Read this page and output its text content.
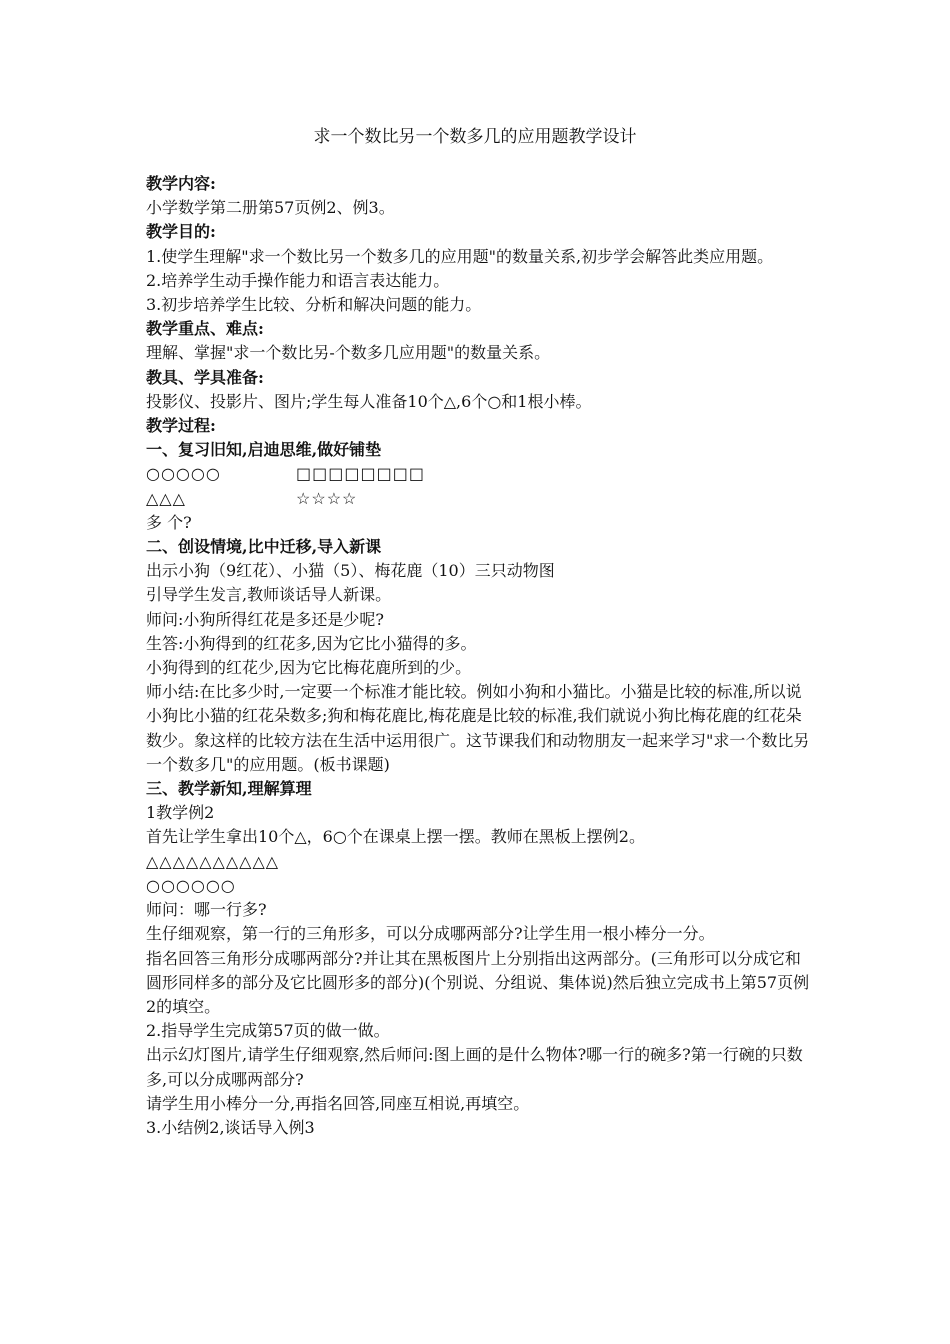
求一个数比另一个数多几的应用题教学设计

教学内容:

小学数学第二册第57页例2、例3。

教学目的:

1.使学生理解"求一个数比另一个数多几的应用题"的数量关系,初步学会解答此类应用题。

2.培养学生动手操作能力和语言表达能力。

3.初步培养学生比较、分析和解决问题的能力。

教学重点、难点:

理解、掌握"求一个数比另-个数多几应用题"的数量关系。

教具、学具准备:

投影仪、投影片、图片;学生每人准备10个△,6个○和1根小棒。

教学过程:

一、复习旧知,启迪思维,做好铺垫

○○○○○	□□□□□□□□
△△△	☆☆☆☆

多 个?

二、创设情境,比中迁移,导入新课

出示小狗（9红花）、小猫（5）、梅花鹿（10）三只动物图

引导学生发言,教师谈话导人新课。

师问:小狗所得红花是多还是少呢?

生答:小狗得到的红花多,因为它比小猫得的多。

小狗得到的红花少,因为它比梅花鹿所到的少。

师小结:在比多少时,一定要一个标准才能比较。例如小狗和小猫比。小猫是比较的标准,所以说小狗比小猫的红花朵数多;狗和梅花鹿比,梅花鹿是比较的标准,我们就说小狗比梅花鹿的红花朵数少。象这样的比较方法在生活中运用很广。这节课我们和动物朋友一起来学习"求一个数比另一个数多几"的应用题。(板书课题)

三、教学新知,理解算理

1教学例2

首先让学生拿出10个△，6○个在课桌上摆一摆。教师在黑板上摆例2。

△△△△△△△△△△

○○○○○○

师问：哪一行多?

生仔细观察，第一行的三角形多，可以分成哪两部分?让学生用一根小棒分一分。

指名回答三角形分成哪两部分?并让其在黑板图片上分别指出这两部分。(三角形可以分成它和圆形同样多的部分及它比圆形多的部分)(个别说、分组说、集体说)然后独立完成书上第57页例2的填空。

2.指导学生完成第57页的做一做。

出示幻灯图片,请学生仔细观察,然后师问:图上画的是什么物体?哪一行的碗多?第一行碗的只数多,可以分成哪两部分?

请学生用小棒分一分,再指名回答,同座互相说,再填空。

3.小结例2,谈话导入例3
